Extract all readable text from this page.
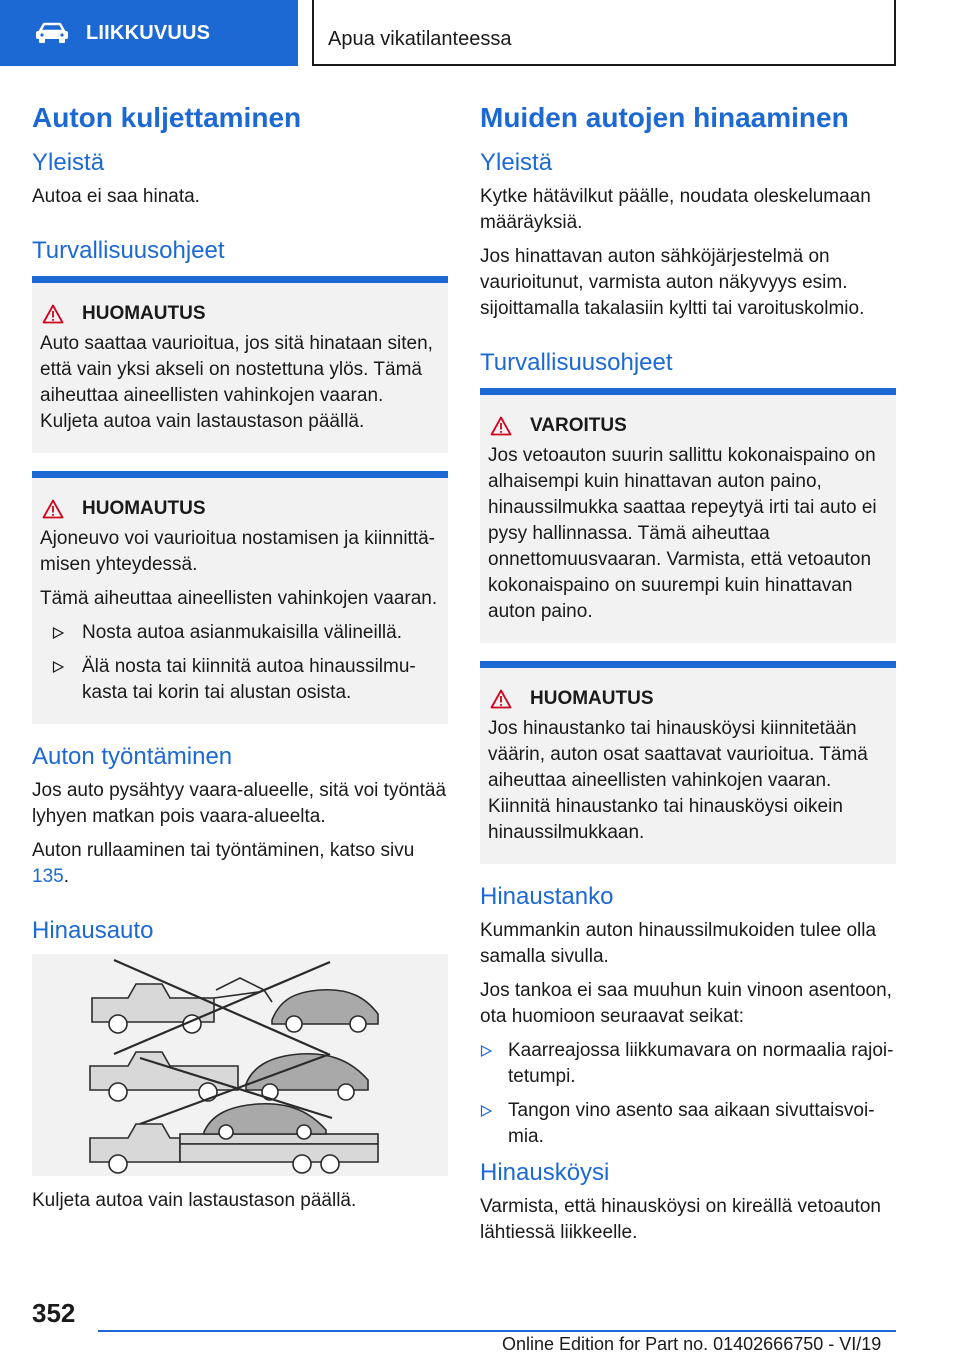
LIIKKUVUUS	Apua vikatilanteessa
Auton kuljettaminen
Yleistä

Autoa ei saa hinata.

Turvallisuusohjeet
HUOMAUTUS

Auto saattaa vaurioitua, jos sitä hinataan siten, että vain yksi akseli on nostettuna ylös. Tämä aiheuttaa aineellisten vahinkojen vaaran. Kuljeta autoa vain lastaustason päällä.

HUOMAUTUS

Ajoneuvo voi vaurioitua nostamisen ja kiinnittämisen yhteydessä.

Tämä aiheuttaa aineellisten vahinkojen vaaran.

Nosta autoa asianmukaisilla välineillä.
Älä nosta tai kiinnitä autoa hinaussilmukasta tai korin tai alustan osista.
Auton työntäminen

Jos auto pysähtyy vaara-alueelle, sitä voi työntää lyhyen matkan pois vaara-alueelta.

Auton rullaaminen tai työntäminen, katso sivu 135.

Hinausauto

Kuljeta autoa vain lastaustason päällä.

Muiden autojen hinaaminen
Yleistä

Kytke hätävilkut päälle, noudata oleskelumaan määräyksiä.

Jos hinattavan auton sähköjärjestelmä on vaurioitunut, varmista auton näkyvyys esim. sijoittamalla takalasiin kyltti tai varoituskolmio.

Turvallisuusohjeet
VAROITUS

Jos vetoauton suurin sallittu kokonaispaino on alhaisempi kuin hinattavan auton paino, hinaussilmukka saattaa repeytyä irti tai auto ei pysy hallinnassa. Tämä aiheuttaa onnettomuusvaaran. Varmista, että vetoauton kokonaispaino on suurempi kuin hinattavan auton paino.

HUOMAUTUS

Jos hinaustanko tai hinausköysi kiinnitetään väärin, auton osat saattavat vaurioitua. Tämä aiheuttaa aineellisten vahinkojen vaaran. Kiinnitä hinaustanko tai hinausköysi oikein hinaussilmukkaan.

Hinaustanko

Kummankin auton hinaussilmukoiden tulee olla samalla sivulla.

Jos tankoa ei saa muuhun kuin vinoon asentoon, ota huomioon seuraavat seikat:

Kaarreajossa liikkumavara on normaalia rajoitetumpi.
Tangon vino asento saa aikaan sivuttaisvoimia.
Hinausköysi

Varmista, että hinausköysi on kireällä vetoauton lähtiessä liikkeelle.

352
Online Edition for Part no. 01402666750 - VI/19
